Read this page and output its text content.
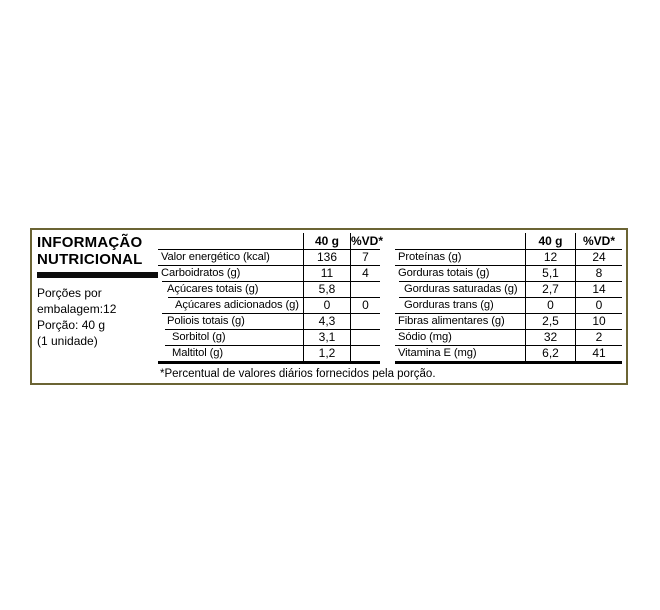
INFORMAÇÃO
NUTRICIONAL
Porções por
embalagem:12
Porção: 40 g
(1 unidade)
40 g	%VD*
Valor energético (kcal)	136	7
Carboidratos (g)	11	4
Açúcares totais (g)	5,8
Açúcares adicionados (g)	0	0
Poliois totais (g)	4,3
Sorbitol (g)	3,1
Maltitol (g)	1,2
40 g	%VD*
Proteínas (g)	12	24
Gorduras totais (g)	5,1	8
Gorduras saturadas (g)	2,7	14
Gorduras trans (g)	0	0
Fibras alimentares (g)	2,5	10
Sódio (mg)	32	2
Vitamina E (mg)	6,2	41
*Percentual de valores diários fornecidos pela porção.
